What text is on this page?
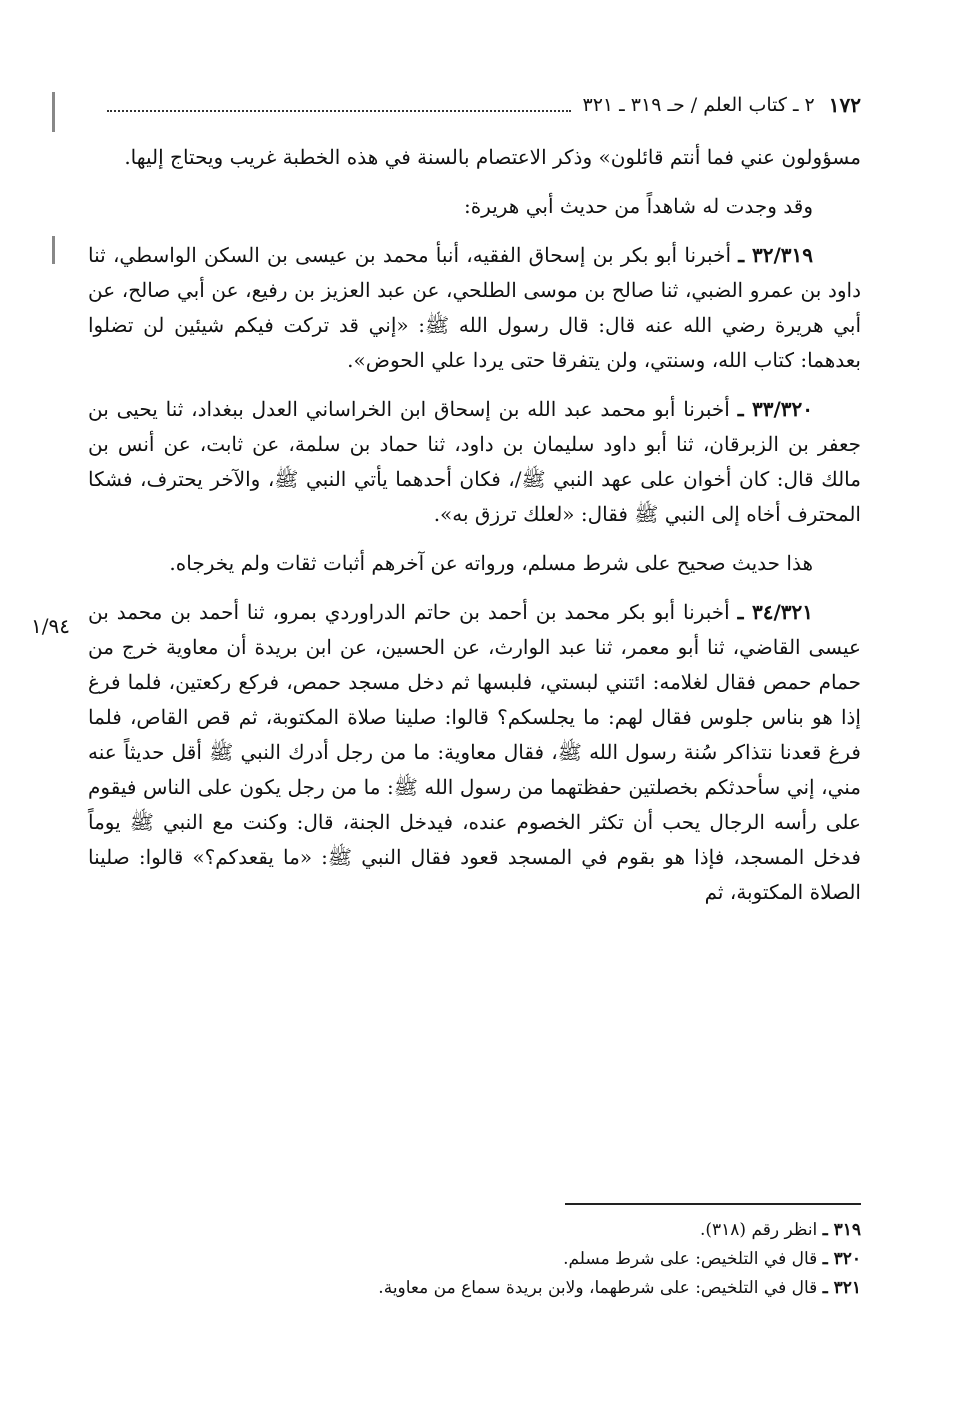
١٧٢
٢ ـ كتاب العلم / حـ ٣١٩ ـ ٣٢١

مسؤولون عني فما أنتم قائلون» وذكر الاعتصام بالسنة في هذه الخطبة غريب ويحتاج إليها.

وقد وجدت له شاهداً من حديث أبي هريرة:

٣٢/٣١٩ ـ أخبرنا أبو بكر بن إسحاق الفقيه، أنبأ محمد بن عيسى بن السكن الواسطي، ثنا داود بن عمرو الضبي، ثنا صالح بن موسى الطلحي، عن عبد العزيز بن رفيع، عن أبي صالح، عن أبي هريرة رضي الله عنه قال: قال رسول الله ﷺ: «إني قد تركت فيكم شيئين لن تضلوا بعدهما: كتاب الله، وسنتي، ولن يتفرقا حتى يردا علي الحوض».

٣٣/٣٢٠ ـ أخبرنا أبو محمد عبد الله بن إسحاق ابن الخراساني العدل ببغداد، ثنا يحيى بن جعفر بن الزبرقان، ثنا أبو داود سليمان بن داود، ثنا حماد بن سلمة، عن ثابت، عن أنس بن مالك قال: كان أخوان على عهد النبي ﷺ/، فكان أحدهما يأتي النبي ﷺ، والآخر يحترف، فشكا المحترف أخاه إلى النبي ﷺ فقال: «لعلك ترزق به».

هذا حديث صحيح على شرط مسلم، ورواته عن آخرهم أثبات ثقات ولم يخرجاه.

٣٤/٣٢١ ـ أخبرنا أبو بكر محمد بن أحمد بن حاتم الدراوردي بمرو، ثنا أحمد بن محمد بن عيسى القاضي، ثنا أبو معمر، ثنا عبد الوارث، عن الحسين، عن ابن بريدة أن معاوية خرج من حمام حمص فقال لغلامه: ائتني لبستي، فلبسها ثم دخل مسجد حمص، فركع ركعتين، فلما فرغ إذا هو بناس جلوس فقال لهم: ما يجلسكم؟ قالوا: صلينا صلاة المكتوبة، ثم قص القاص، فلما فرغ قعدنا نتذاكر سُنة رسول الله ﷺ، فقال معاوية: ما من رجل أدرك النبي ﷺ أقل حديثاً عنه مني، إني سأحدثكم بخصلتين حفظتهما من رسول الله ﷺ: ما من رجل يكون على الناس فيقوم على رأسه الرجال يحب أن تكثر الخصوم عنده، فيدخل الجنة، قال: وكنت مع النبي ﷺ يوماً فدخل المسجد، فإذا هو بقوم في المسجد قعود فقال النبي ﷺ: «ما يقعدكم؟» قالوا: صلينا الصلاة المكتوبة، ثم

١/٩٤
٣١٩ ـ انظر رقم (٣١٨).
٣٢٠ ـ قال في التلخيص: على شرط مسلم.
٣٢١ ـ قال في التلخيص: على شرطهما، ولابن بريدة سماع من معاوية.
